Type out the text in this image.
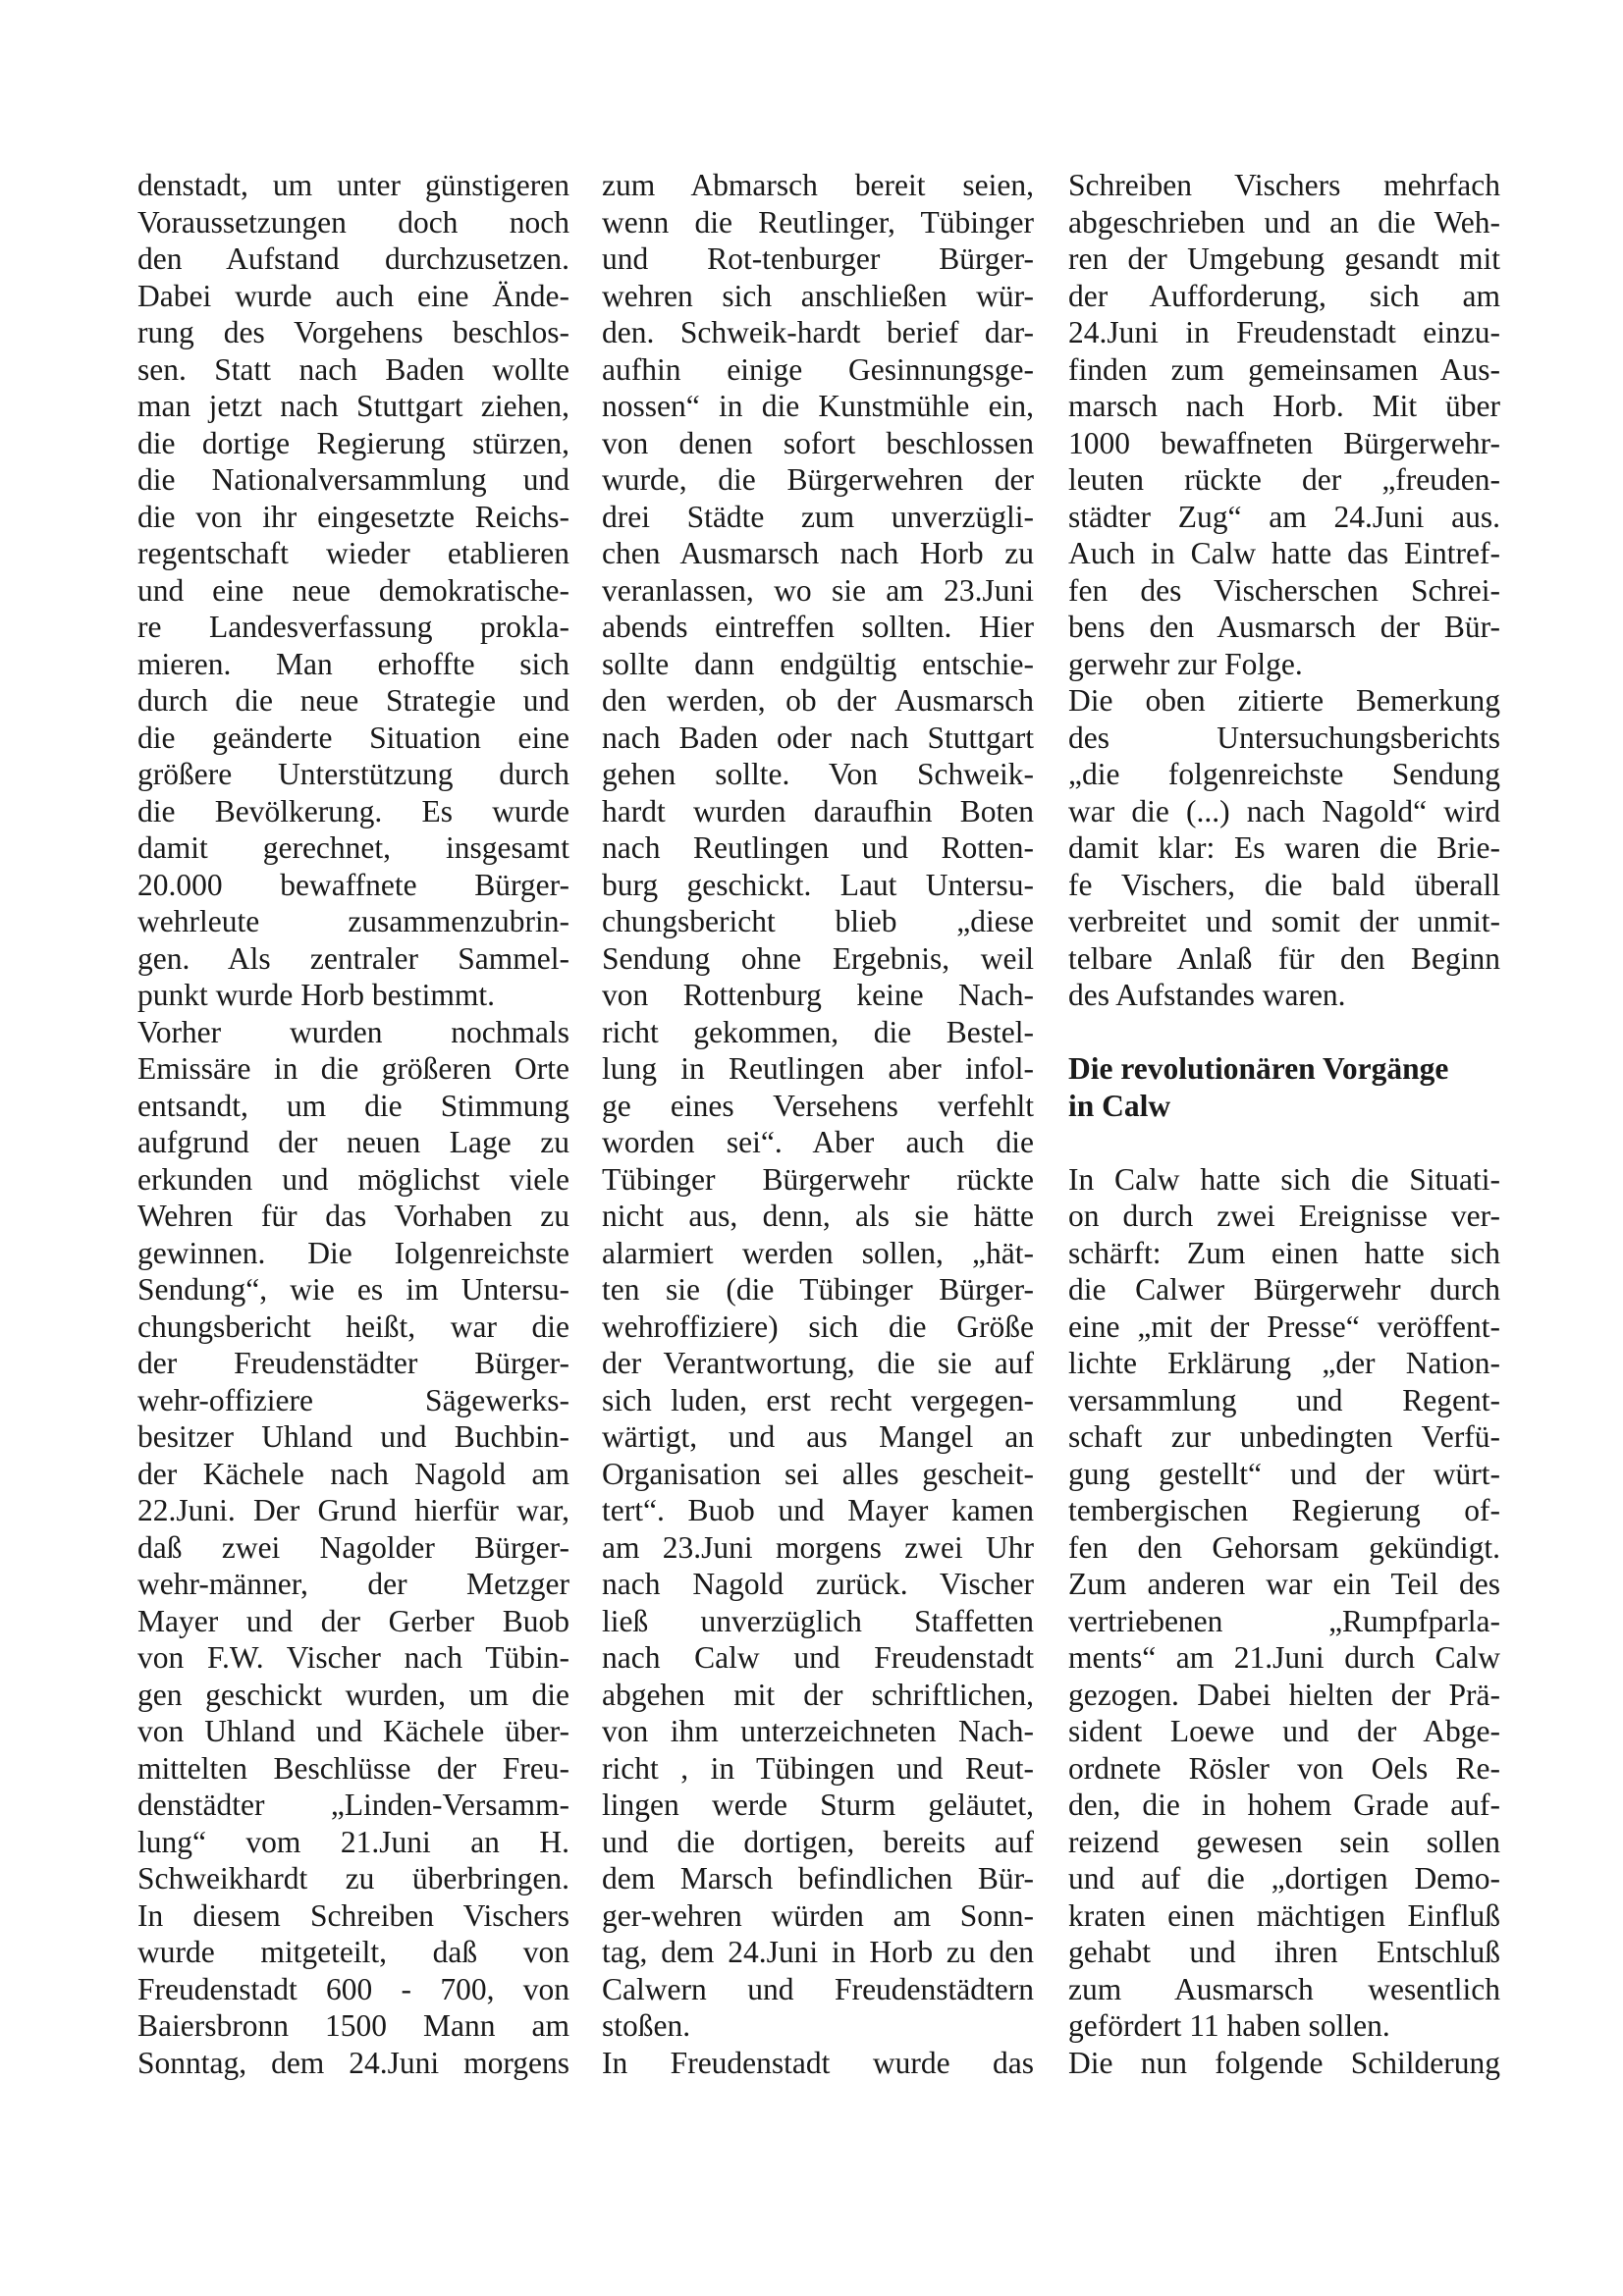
denstadt, um unter günstigeren
Voraussetzungen doch noch
den Aufstand durchzusetzen.
Dabei wurde auch eine Ände-
rung des Vorgehens beschlos-
sen. Statt nach Baden wollte
man jetzt nach Stuttgart ziehen,
die dortige Regierung stürzen,
die Nationalversammlung und
die von ihr eingesetzte Reichs-
regentschaft wieder etablieren
und eine neue demokratische-
re Landesverfassung prokla-
mieren. Man erhoffte sich
durch die neue Strategie und
die geänderte Situation eine
größere Unterstützung durch
die Bevölkerung. Es wurde
damit gerechnet, insgesamt
20.000 bewaffnete Bürger-
wehrleute zusammenzubrin-
gen. Als zentraler Sammel-
punkt wurde Horb bestimmt.
Vorher wurden nochmals
Emissäre in die größeren Orte
entsandt, um die Stimmung
aufgrund der neuen Lage zu
erkunden und möglichst viele
Wehren für das Vorhaben zu
gewinnen. Die Iolgenreichste
Sendung“, wie es im Untersu-
chungsbericht heißt, war die
der Freudenstädter Bürger-
wehr-offiziere Sägewerks-
besitzer Uhland und Buchbin-
der Kächele nach Nagold am
22.Juni. Der Grund hierfür war,
daß zwei Nagolder Bürger-
wehr-männer, der Metzger
Mayer und der Gerber Buob
von F.W. Vischer nach Tübin-
gen geschickt wurden, um die
von Uhland und Kächele über-
mittelten Beschlüsse der Freu-
denstädter „Linden-Versamm-
lung“ vom 21.Juni an H.
Schweikhardt zu überbringen.
In diesem Schreiben Vischers
wurde mitgeteilt, daß von
Freudenstadt 600 - 700, von
Baiersbronn 1500 Mann am
Sonntag, dem 24.Juni morgens
zum Abmarsch bereit seien,
wenn die Reutlinger, Tübinger
und Rot-tenburger Bürger-
wehren sich anschließen wür-
den. Schweik-hardt berief dar-
aufhin einige Gesinnungsge-
nossen“ in die Kunstmühle ein,
von denen sofort beschlossen
wurde, die Bürgerwehren der
drei Städte zum unverzügli-
chen Ausmarsch nach Horb zu
veranlassen, wo sie am 23.Juni
abends eintreffen sollten. Hier
sollte dann endgültig entschie-
den werden, ob der Ausmarsch
nach Baden oder nach Stuttgart
gehen sollte. Von Schweik-
hardt wurden daraufhin Boten
nach Reutlingen und Rotten-
burg geschickt. Laut Untersu-
chungsbericht blieb „diese
Sendung ohne Ergebnis, weil
von Rottenburg keine Nach-
richt gekommen, die Bestel-
lung in Reutlingen aber infol-
ge eines Versehens verfehlt
worden sei“. Aber auch die
Tübinger Bürgerwehr rückte
nicht aus, denn, als sie hätte
alarmiert werden sollen, „hät-
ten sie (die Tübinger Bürger-
wehroffiziere) sich die Größe
der Verantwortung, die sie auf
sich luden, erst recht vergegen-
wärtigt, und aus Mangel an
Organisation sei alles gescheit-
tert“. Buob und Mayer kamen
am 23.Juni morgens zwei Uhr
nach Nagold zurück. Vischer
ließ unverzüglich Staffetten
nach Calw und Freudenstadt
abgehen mit der schriftlichen,
von ihm unterzeichneten Nach-
richt , in Tübingen und Reut-
lingen werde Sturm geläutet,
und die dortigen, bereits auf
dem Marsch befindlichen Bür-
ger-wehren würden am Sonn-
tag, dem 24.Juni in Horb zu den
Calwern und Freudenstädtern
stoßen.
In Freudenstadt wurde das
Schreiben Vischers mehrfach
abgeschrieben und an die Weh-
ren der Umgebung gesandt mit
der Aufforderung, sich am
24.Juni in Freudenstadt einzu-
finden zum gemeinsamen Aus-
marsch nach Horb. Mit über
1000 bewaffneten Bürgerwehr-
leuten rückte der „freuden-
städter Zug“ am 24.Juni aus.
Auch in Calw hatte das Eintref-
fen des Vischerschen Schrei-
bens den Ausmarsch der Bür-
gerwehr zur Folge.
Die oben zitierte Bemerkung
des Untersuchungsberichts
„die folgenreichste Sendung
war die (...) nach Nagold“ wird
damit klar: Es waren die Brie-
fe Vischers, die bald überall
verbreitet und somit der unmit-
telbare Anlaß für den Beginn
des Aufstandes waren.
Die revolutionären Vorgänge
in Calw
In Calw hatte sich die Situati-
on durch zwei Ereignisse ver-
schärft: Zum einen hatte sich
die Calwer Bürgerwehr durch
eine „mit der Presse“ veröffent-
lichte Erklärung „der Nation-
versammlung und Regent-
schaft zur unbedingten Verfü-
gung gestellt“ und der würt-
tembergischen Regierung of-
fen den Gehorsam gekündigt.
Zum anderen war ein Teil des
vertriebenen „Rumpfparla-
ments“ am 21.Juni durch Calw
gezogen. Dabei hielten der Prä-
sident Loewe und der Abge-
ordnete Rösler von Oels Re-
den, die in hohem Grade auf-
reizend gewesen sein sollen
und auf die „dortigen Demo-
kraten einen mächtigen Einfluß
gehabt und ihren Entschluß
zum Ausmarsch wesentlich
gefördert 11 haben sollen.
Die nun folgende Schilderung
